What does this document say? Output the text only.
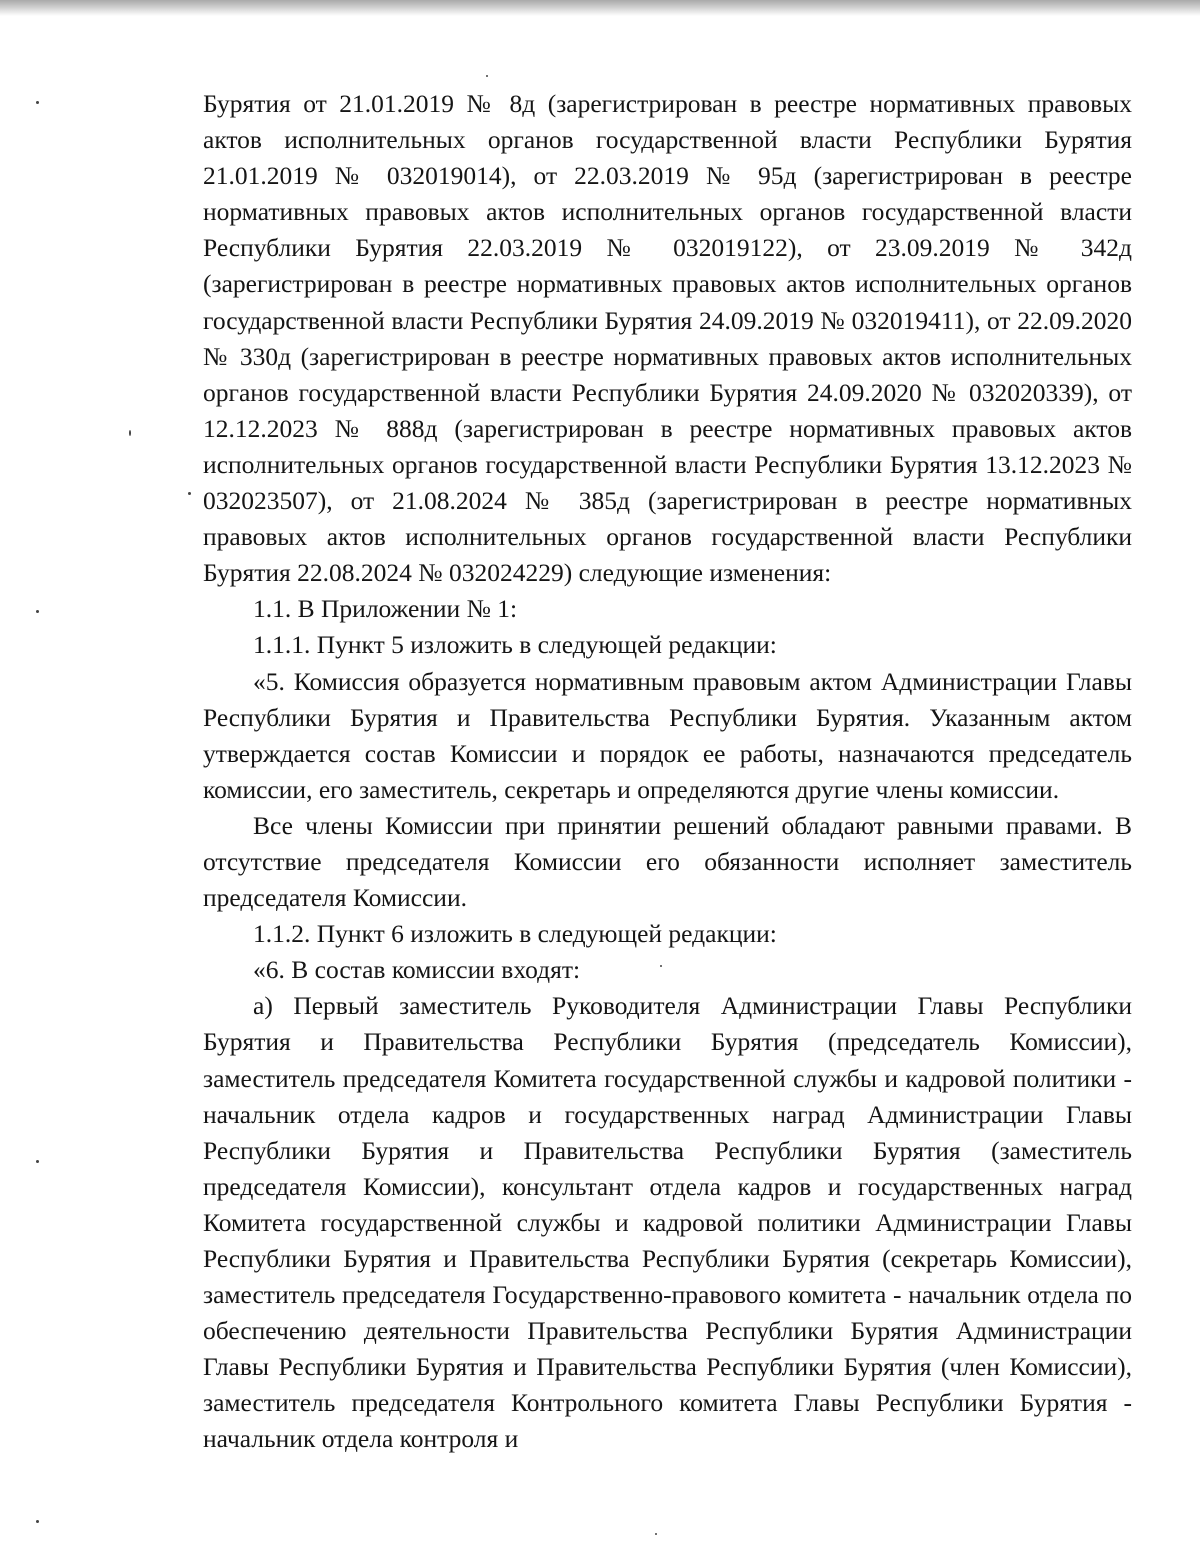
Бурятия от 21.01.2019 № 8д (зарегистрирован в реестре нормативных правовых актов исполнительных органов государственной власти Республики Бурятия 21.01.2019 № 032019014), от 22.03.2019 № 95д (зарегистрирован в реестре нормативных правовых актов исполнительных органов государственной власти Республики Бурятия 22.03.2019 № 032019122), от 23.09.2019 № 342д (зарегистрирован в реестре нормативных правовых актов исполнительных органов государственной власти Республики Бурятия 24.09.2019 № 032019411), от 22.09.2020 № 330д (зарегистрирован в реестре нормативных правовых актов исполнительных органов государственной власти Республики Бурятия 24.09.2020 № 032020339), от 12.12.2023 № 888д (зарегистрирован в реестре нормативных правовых актов исполнительных органов государственной власти Республики Бурятия 13.12.2023 № 032023507), от 21.08.2024 № 385д (зарегистрирован в реестре нормативных правовых актов исполнительных органов государственной власти Республики Бурятия 22.08.2024 № 032024229) следующие изменения:

1.1. В Приложении № 1:

1.1.1. Пункт 5 изложить в следующей редакции:

«5. Комиссия образуется нормативным правовым актом Администрации Главы Республики Бурятия и Правительства Республики Бурятия. Указанным актом утверждается состав Комиссии и порядок ее работы, назначаются председатель комиссии, его заместитель, секретарь и определяются другие члены комиссии.

Все члены Комиссии при принятии решений обладают равными правами. В отсутствие председателя Комиссии его обязанности исполняет заместитель председателя Комиссии.

1.1.2. Пункт 6 изложить в следующей редакции:

«6. В состав комиссии входят:

а) Первый заместитель Руководителя Администрации Главы Республики Бурятия и Правительства Республики Бурятия (председатель Комиссии), заместитель председателя Комитета государственной службы и кадровой политики - начальник отдела кадров и государственных наград Администрации Главы Республики Бурятия и Правительства Республики Бурятия (заместитель председателя Комиссии), консультант отдела кадров и государственных наград Комитета государственной службы и кадровой политики Администрации Главы Республики Бурятия и Правительства Республики Бурятия (секретарь Комиссии), заместитель председателя Государственно-правового комитета - начальник отдела по обеспечению деятельности Правительства Республики Бурятия Администрации Главы Республики Бурятия и Правительства Республики Бурятия (член Комиссии), заместитель председателя Контрольного комитета Главы Республики Бурятия - начальник отдела контроля и
